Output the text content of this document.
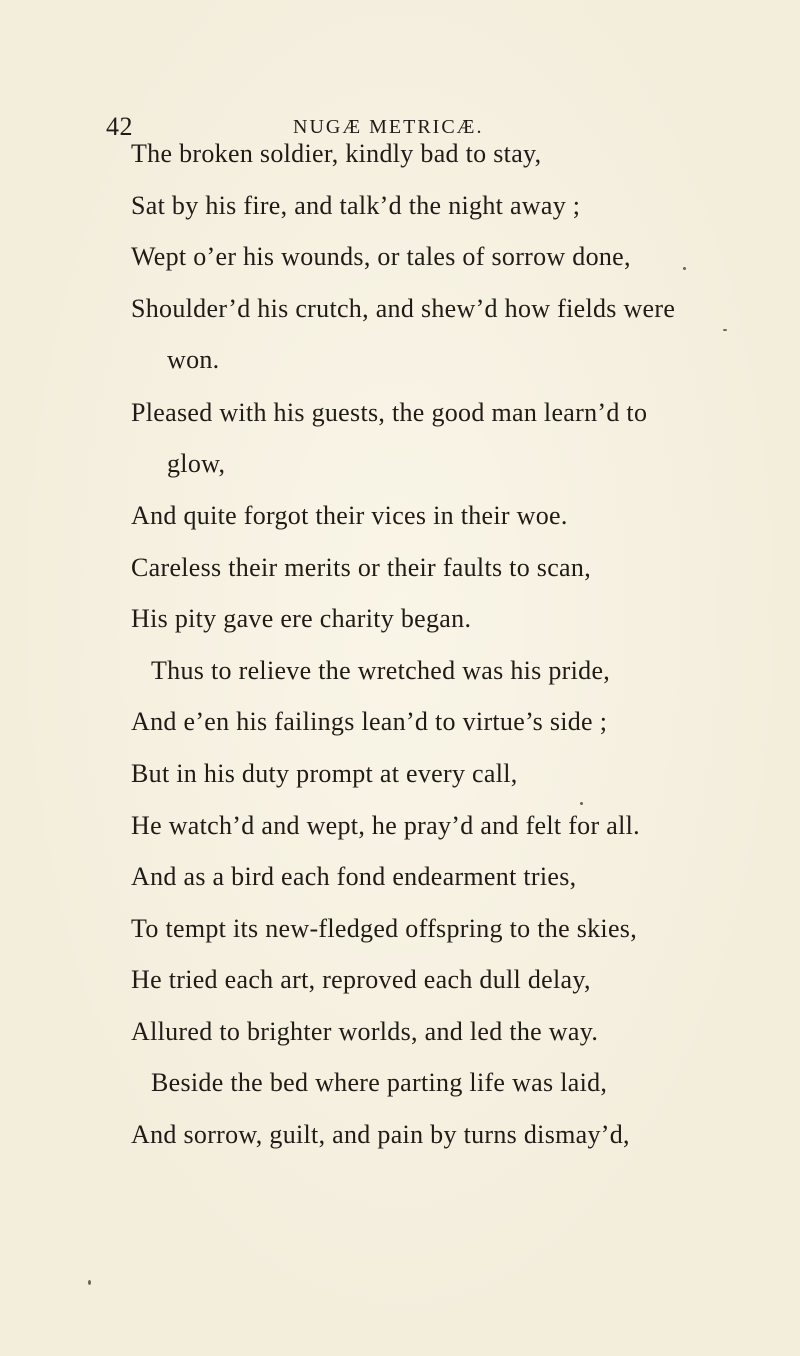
42	NUGÆ METRICÆ.
The broken soldier, kindly bad to stay,
Sat by his fire, and talk’d the night away ;
Wept o’er his wounds, or tales of sorrow done,
Shoulder’d his crutch, and shew’d how fields were
won.
Pleased with his guests, the good man learn’d to
glow,
And quite forgot their vices in their woe.
Careless their merits or their faults to scan,
His pity gave ere charity began.
Thus to relieve the wretched was his pride,
And e’en his failings lean’d to virtue’s side ;
But in his duty prompt at every call,
He watch’d and wept, he pray’d and felt for all.
And as a bird each fond endearment tries,
To tempt its new-fledged offspring to the skies,
He tried each art, reproved each dull delay,
Allured to brighter worlds, and led the way.
Beside the bed where parting life was laid,
And sorrow, guilt, and pain by turns dismay’d,
